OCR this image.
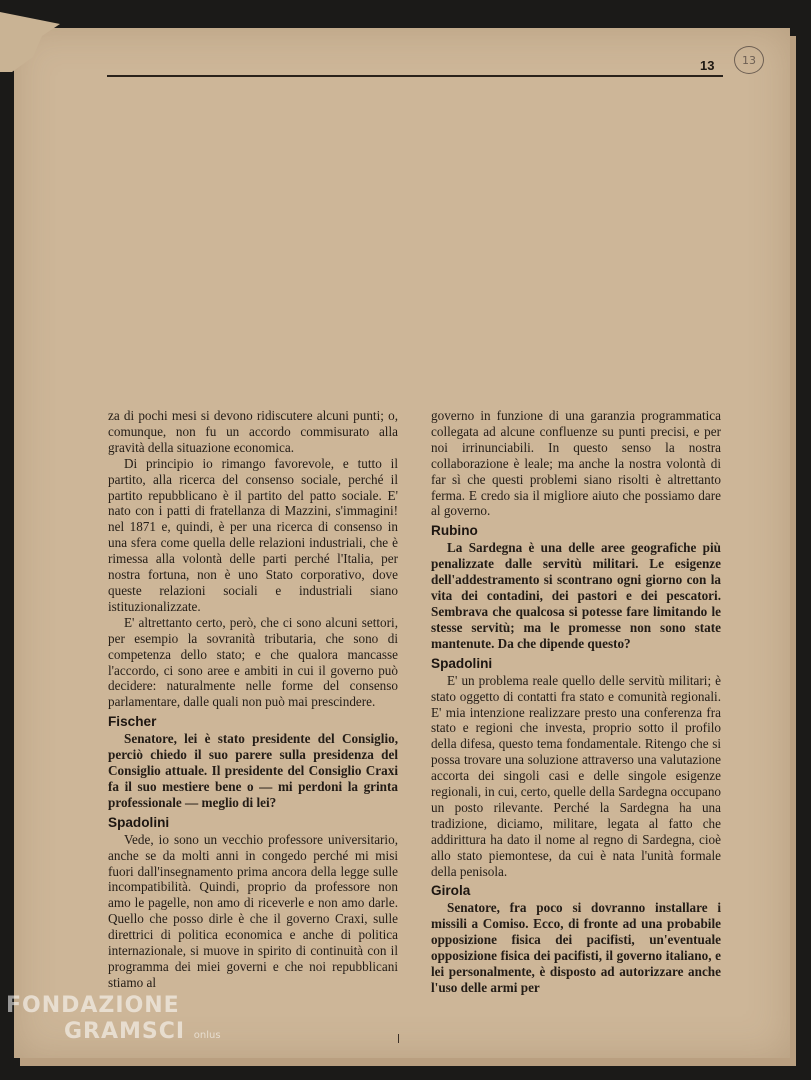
13	13

za di pochi mesi si devono ridiscutere alcuni punti; o, comunque, non fu un accordo commisurato alla gravità della situazione economica.

Di principio io rimango favorevole, e tutto il partito, alla ricerca del consenso sociale, perché il partito repubblicano è il partito del patto sociale. E' nato con i patti di fratellanza di Mazzini, s'immagini! nel 1871 e, quindi, è per una ricerca di consenso in una sfera come quella delle relazioni industriali, che è rimessa alla volontà delle parti perché l'Italia, per nostra fortuna, non è uno Stato corporativo, dove queste relazioni sociali e industriali siano istituzionalizzate.

E' altrettanto certo, però, che ci sono alcuni settori, per esempio la sovranità tributaria, che sono di competenza dello stato; e che qualora mancasse l'accordo, ci sono aree e ambiti in cui il governo può decidere: naturalmente nelle forme del consenso parlamentare, dalle quali non può mai prescindere.

Fischer

Senatore, lei è stato presidente del Consiglio, perciò chiedo il suo parere sulla presidenza del Consiglio attuale. Il presidente del Consiglio Craxi fa il suo mestiere bene o — mi perdoni la grinta professionale — meglio di lei?

Spadolini

Vede, io sono un vecchio professore universitario, anche se da molti anni in congedo perché mi misi fuori dall'insegnamento prima ancora della legge sulle incompatibilità. Quindi, proprio da professore non amo le pagelle, non amo di riceverle e non amo darle. Quello che posso dirle è che il governo Craxi, sulle direttrici di politica economica e anche di politica internazionale, si muove in spirito di continuità con il programma dei miei governi e che noi repubblicani stiamo al

governo in funzione di una garanzia programmatica collegata ad alcune confluenze su punti precisi, e per noi irrinunciabili. In questo senso la nostra collaborazione è leale; ma anche la nostra volontà di far sì che questi problemi siano risolti è altrettanto ferma. E credo sia il migliore aiuto che possiamo dare al governo.

Rubino

La Sardegna è una delle aree geografiche più penalizzate dalle servitù militari. Le esigenze dell'addestramento si scontrano ogni giorno con la vita dei contadini, dei pastori e dei pescatori. Sembrava che qualcosa si potesse fare limitando le stesse servitù; ma le promesse non sono state mantenute. Da che dipende questo?

Spadolini

E' un problema reale quello delle servitù militari; è stato oggetto di contatti fra stato e comunità regionali. E' mia intenzione realizzare presto una conferenza fra stato e regioni che investa, proprio sotto il profilo della difesa, questo tema fondamentale. Ritengo che si possa trovare una soluzione attraverso una valutazione accorta dei singoli casi e delle singole esigenze regionali, in cui, certo, quelle della Sardegna occupano un posto rilevante. Perché la Sardegna ha una tradizione, diciamo, militare, legata al fatto che addirittura ha dato il nome al regno di Sardegna, cioè allo stato piemontese, da cui è nata l'unità formale della penisola.

Girola

Senatore, fra poco si dovranno installare i missili a Comiso. Ecco, di fronte ad una probabile opposizione fisica dei pacifisti, un'eventuale opposizione fisica dei pacifisti, il governo italiano, e lei personalmente, è disposto ad autorizzare anche l'uso delle armi per

FONDAZIONE
GRAMSCI onlus
